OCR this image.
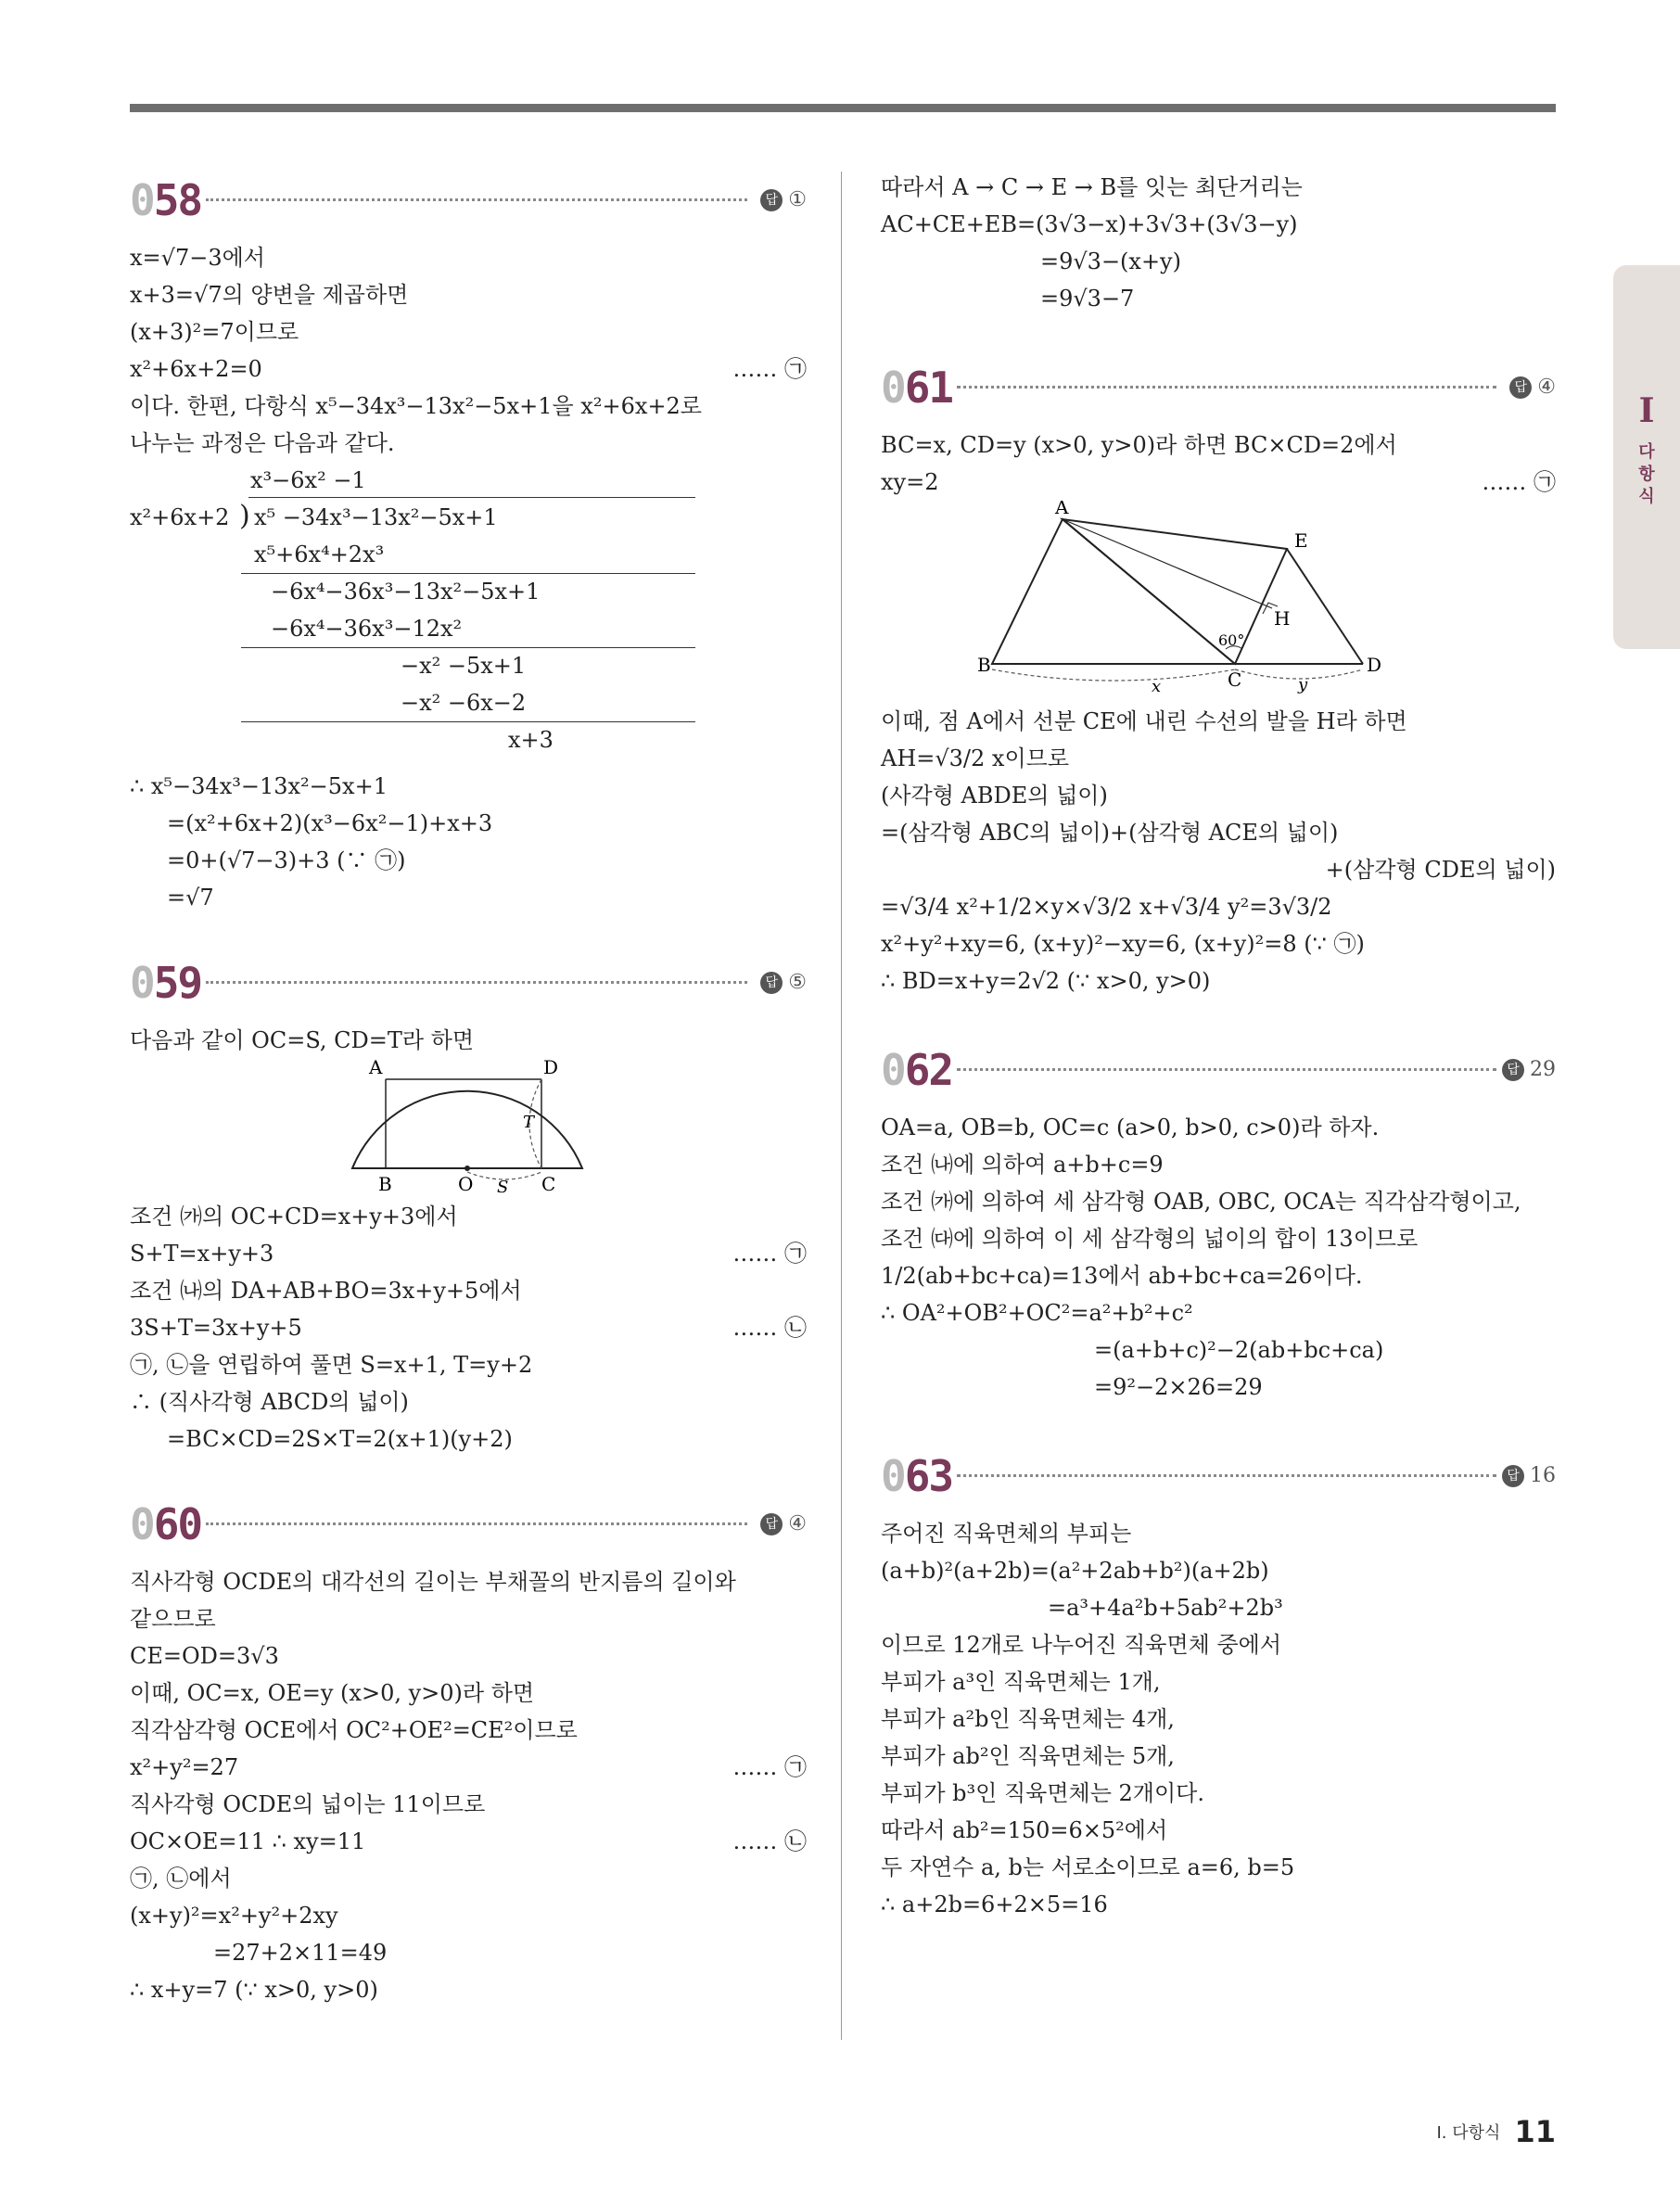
058	답 ①
x=√7−3에서
x+3=√7의 양변을 제곱하면
(x+3)²=7이므로
x²+6x+2=0	…… ㉠
이다. 한편, 다항식 x⁵−34x³−13x²−5x+1을 x²+6x+2로
나누는 과정은 다음과 같다.
x³−6x² −1
x²+6x+2 ) x⁵ −34x³−13x²−5x+1
x⁵+6x⁴+2x³
−6x⁴−36x³−13x²−5x+1
−6x⁴−36x³−12x²
−x² −5x+1
−x² −6x−2
x+3
∴ x⁵−34x³−13x²−5x+1
=(x²+6x+2)(x³−6x²−1)+x+3
=0+(√7−3)+3 (∵ ㉠)
=√7
059	답 ⑤
다음과 같이 OC=S, CD=T라 하면
A	D
B	O S C
T
조건 ㈎의 OC+CD=x+y+3에서
S+T=x+y+3	…… ㉠
조건 ㈏의 DA+AB+BO=3x+y+5에서
3S+T=3x+y+5	…… ㉡
㉠, ㉡을 연립하여 풀면 S=x+1, T=y+2
∴ (직사각형 ABCD의 넓이)
=BC×CD=2S×T=2(x+1)(y+2)
060	답 ④
직사각형 OCDE의 대각선의 길이는 부채꼴의 반지름의 길이와
같으므로
CE=OD=3√3
이때, OC=x, OE=y (x>0, y>0)라 하면
직각삼각형 OCE에서 OC²+OE²=CE²이므로
x²+y²=27	…… ㉠
직사각형 OCDE의 넓이는 11이므로
OC×OE=11 ∴ xy=11	…… ㉡
㉠, ㉡에서
(x+y)²=x²+y²+2xy
=27+2×11=49
∴ x+y=7 (∵ x>0, y>0)
따라서 A → C → E → B를 잇는 최단거리는
AC+CE+EB=(3√3−x)+3√3+(3√3−y)
=9√3−(x+y)
=9√3−7
061	답 ④
BC=x, CD=y (x>0, y>0)라 하면 BC×CD=2에서
xy=2	…… ㉠
A
E
H
B
C
D
60°
x	y
이때, 점 A에서 선분 CE에 내린 수선의 발을 H라 하면
AH=√3/2 x이므로
(사각형 ABDE의 넓이)
=(삼각형 ABC의 넓이)+(삼각형 ACE의 넓이)
+(삼각형 CDE의 넓이)
=√3/4 x²+1/2×y×√3/2 x+√3/4 y²=3√3/2
x²+y²+xy=6, (x+y)²−xy=6, (x+y)²=8 (∵ ㉠)
∴ BD=x+y=2√2 (∵ x>0, y>0)
062	답 29
OA=a, OB=b, OC=c (a>0, b>0, c>0)라 하자.
조건 ㈏에 의하여 a+b+c=9
조건 ㈎에 의하여 세 삼각형 OAB, OBC, OCA는 직각삼각형이고,
조건 ㈐에 의하여 이 세 삼각형의 넓이의 합이 13이므로
1/2(ab+bc+ca)=13에서 ab+bc+ca=26이다.
∴ OA²+OB²+OC²=a²+b²+c²
=(a+b+c)²−2(ab+bc+ca)
=9²−2×26=29
063	답 16
주어진 직육면체의 부피는
(a+b)²(a+2b)=(a²+2ab+b²)(a+2b)
=a³+4a²b+5ab²+2b³
이므로 12개로 나누어진 직육면체 중에서
부피가 a³인 직육면체는 1개,
부피가 a²b인 직육면체는 4개,
부피가 ab²인 직육면체는 5개,
부피가 b³인 직육면체는 2개이다.
따라서 ab²=150=6×5²에서
두 자연수 a, b는 서로소이므로 a=6, b=5
∴ a+2b=6+2×5=16
I
다
항
식
Ⅰ. 다항식 11
